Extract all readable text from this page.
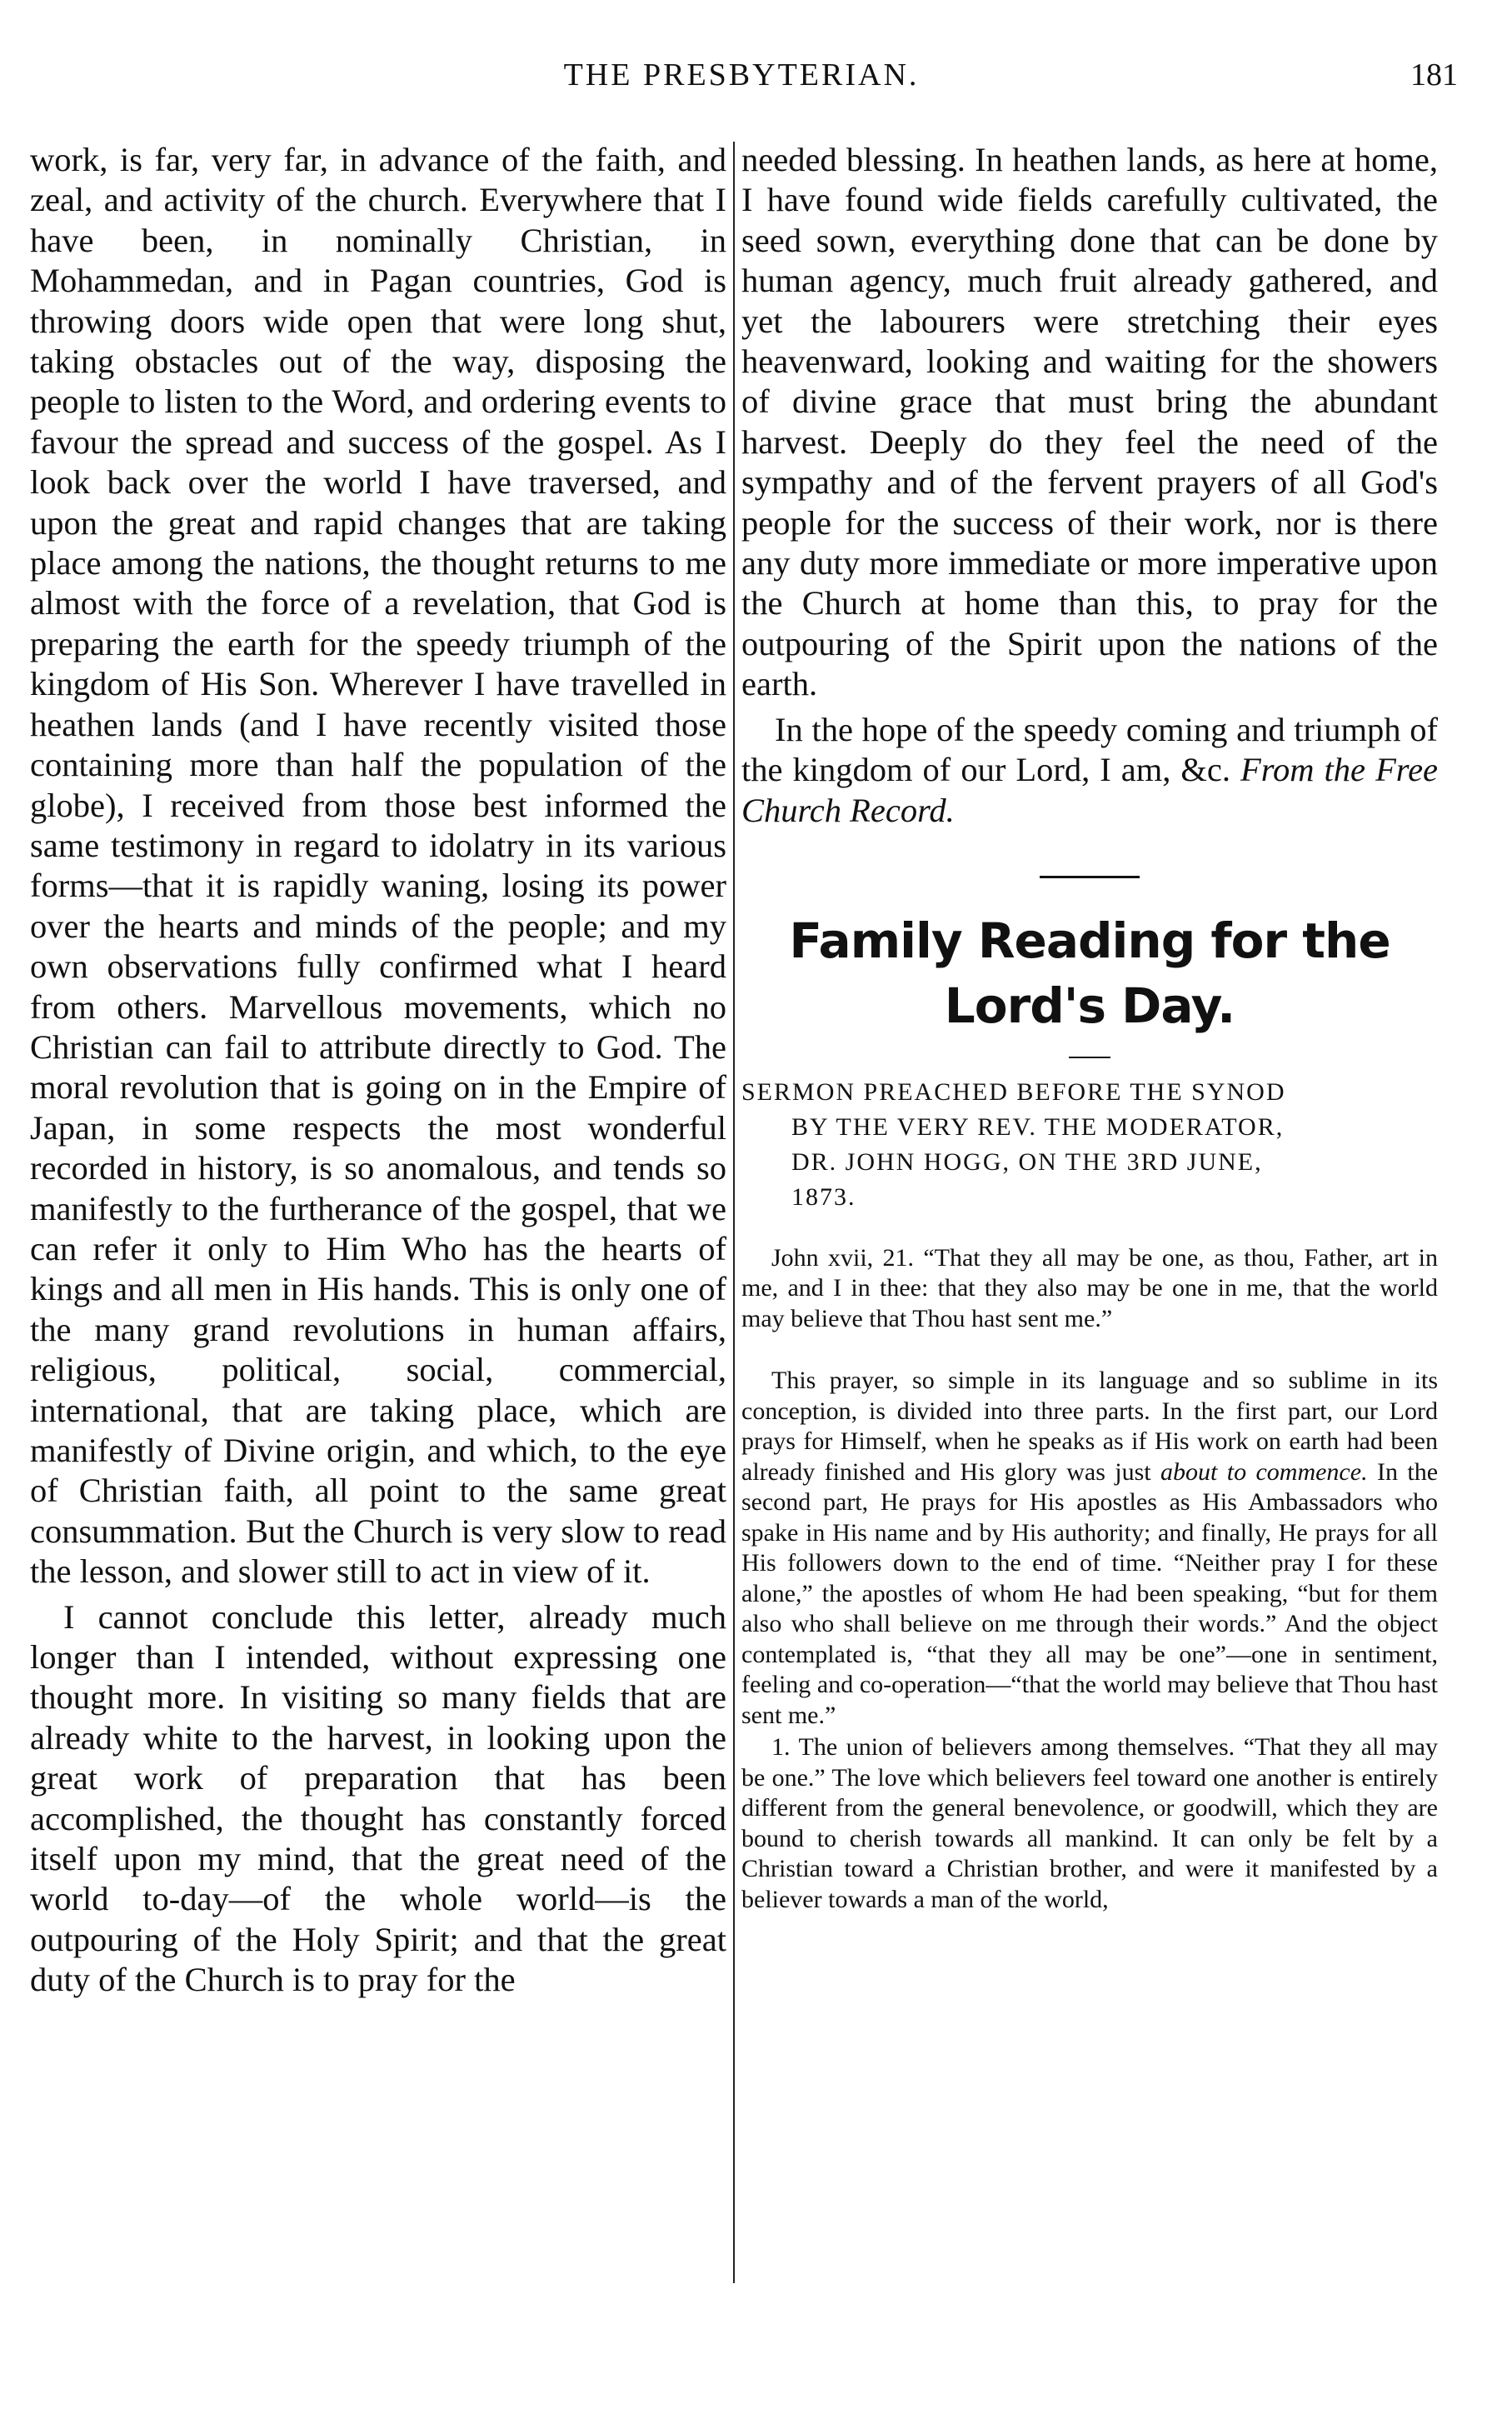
THE PRESBYTERIAN.	181

work, is far, very far, in advance of the faith, and zeal, and activity of the church. Everywhere that I have been, in nominally Christian, in Mohammedan, and in Pagan countries, God is throwing doors wide open that were long shut, taking obstacles out of the way, disposing the people to listen to the Word, and ordering events to favour the spread and success of the gospel. As I look back over the world I have traversed, and upon the great and rapid changes that are taking place among the nations, the thought returns to me almost with the force of a revelation, that God is preparing the earth for the speedy triumph of the kingdom of His Son. Wherever I have travelled in heathen lands (and I have recently visited those containing more than half the population of the globe), I received from those best informed the same testimony in regard to idolatry in its various forms—that it is rapidly waning, losing its power over the hearts and minds of the people; and my own observations fully confirmed what I heard from others. Marvellous movements, which no Christian can fail to attribute directly to God. The moral revolution that is going on in the Empire of Japan, in some respects the most wonderful recorded in history, is so anomalous, and tends so manifestly to the furtherance of the gospel, that we can refer it only to Him Who has the hearts of kings and all men in His hands. This is only one of the many grand revolutions in human affairs, religious, political, social, commercial, international, that are taking place, which are manifestly of Divine origin, and which, to the eye of Christian faith, all point to the same great consummation. But the Church is very slow to read the lesson, and slower still to act in view of it.

I cannot conclude this letter, already much longer than I intended, without expressing one thought more. In visiting so many fields that are already white to the harvest, in looking upon the great work of preparation that has been accomplished, the thought has constantly forced itself upon my mind, that the great need of the world to-day—of the whole world—is the outpouring of the Holy Spirit; and that the great duty of the Church is to pray for the

needed blessing. In heathen lands, as here at home, I have found wide fields carefully cultivated, the seed sown, everything done that can be done by human agency, much fruit already gathered, and yet the labourers were stretching their eyes heavenward, looking and waiting for the showers of divine grace that must bring the abundant harvest. Deeply do they feel the need of the sympathy and of the fervent prayers of all God's people for the success of their work, nor is there any duty more immediate or more imperative upon the Church at home than this, to pray for the outpouring of the Spirit upon the nations of the earth.

In the hope of the speedy coming and triumph of the kingdom of our Lord, I am, &c. From the Free Church Record.

Family Reading for the
Lord's Day.

SERMON PREACHED BEFORE THE SYNOD
BY THE VERY REV. THE MODERATOR,
DR. JOHN HOGG, ON THE 3RD JUNE,
1873.

John xvii, 21. “That they all may be one, as thou, Father, art in me, and I in thee: that they also may be one in me, that the world may believe that Thou hast sent me.”

This prayer, so simple in its language and so sublime in its conception, is divided into three parts. In the first part, our Lord prays for Himself, when he speaks as if His work on earth had been already finished and His glory was just about to commence. In the second part, He prays for His apostles as His Ambassadors who spake in His name and by His authority; and finally, He prays for all His followers down to the end of time. “Neither pray I for these alone,” the apostles of whom He had been speaking, “but for them also who shall believe on me through their words.” And the object contemplated is, “that they all may be one”—one in sentiment, feeling and co-operation—“that the world may believe that Thou hast sent me.”

1. The union of believers among themselves. “That they all may be one.” The love which believers feel toward one another is entirely different from the general benevolence, or goodwill, which they are bound to cherish towards all mankind. It can only be felt by a Christian toward a Christian brother, and were it manifested by a believer towards a man of the world,
